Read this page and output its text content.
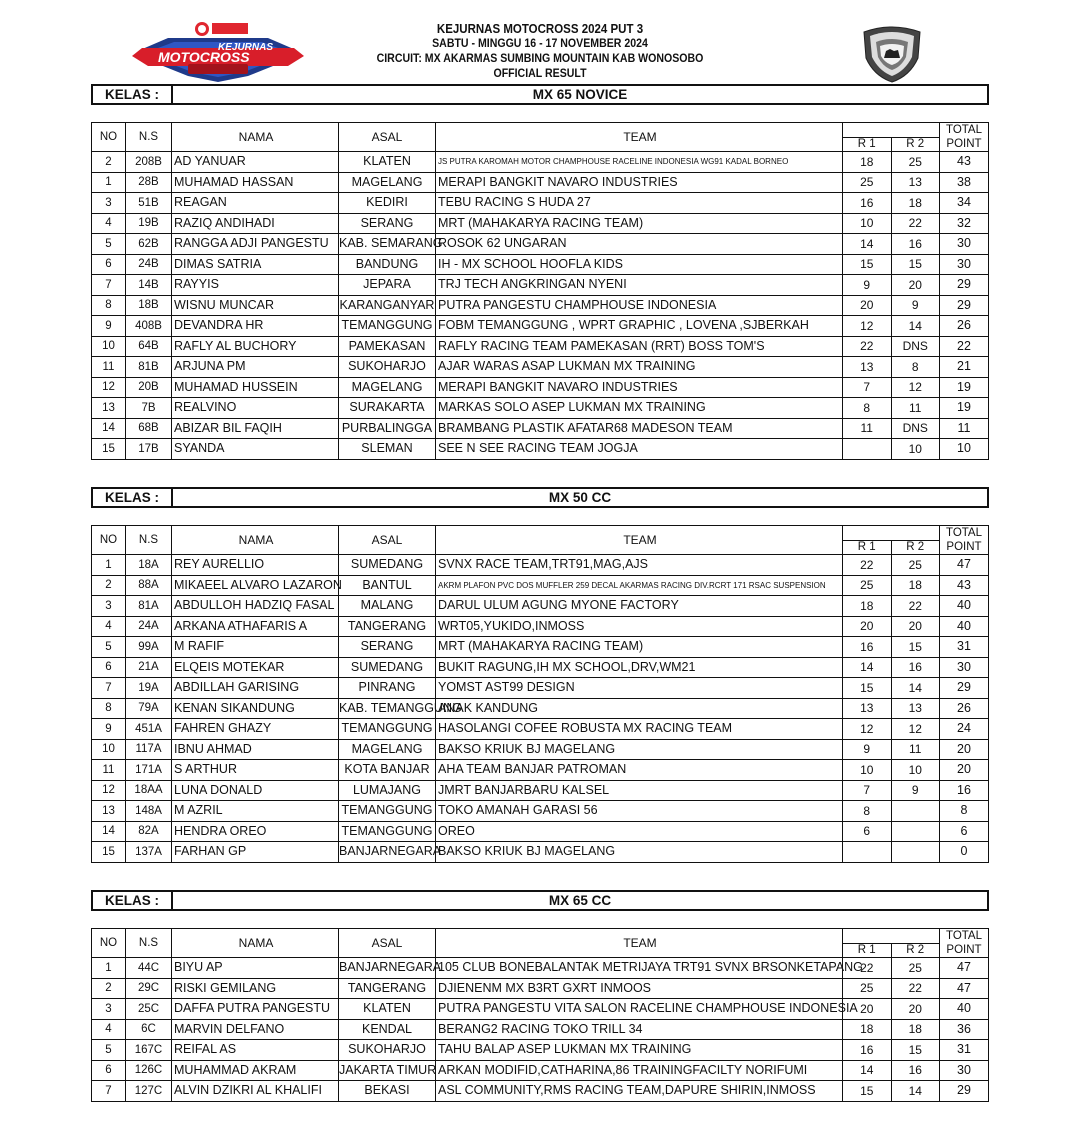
KEJURNAS
MOTOCROSS
KEJURNAS MOTOCROSS 2024 PUT 3
SABTU - MINGGU 16 - 17 NOVEMBER 2024
CIRCUIT: MX AKARMAS SUMBING MOUNTAIN KAB WONOSOBO
OFFICIAL RESULT
KELAS :	MX 65 NOVICE
NO	N.S	NAMA	ASAL	TEAM			TOTAL POINT
					R 1	R 2	
2	208B	AD YANUAR	KLATEN	JS PUTRA KAROMAH MOTOR CHAMPHOUSE RACELINE INDONESIA WG91 KADAL BORNEO	18	25	43
1	28B	MUHAMAD HASSAN	MAGELANG	MERAPI BANGKIT NAVARO INDUSTRIES	25	13	38
3	51B	REAGAN	KEDIRI	TEBU RACING S HUDA 27	16	18	34
4	19B	RAZIQ ANDIHADI	SERANG	MRT (MAHAKARYA RACING TEAM)	10	22	32
5	62B	RANGGA ADJI PANGESTU	KAB. SEMARANG	ROSOK 62 UNGARAN	14	16	30
6	24B	DIMAS SATRIA	BANDUNG	IH - MX SCHOOL HOOFLA KIDS	15	15	30
7	14B	RAYYIS	JEPARA	TRJ TECH ANGKRINGAN NYENI	9	20	29
8	18B	WISNU MUNCAR	KARANGANYAR	PUTRA PANGESTU CHAMPHOUSE INDONESIA	20	9	29
9	408B	DEVANDRA HR	TEMANGGUNG	FOBM TEMANGGUNG , WPRT GRAPHIC , LOVENA ,SJBERKAH	12	14	26
10	64B	RAFLY AL BUCHORY	PAMEKASAN	RAFLY RACING TEAM PAMEKASAN (RRT) BOSS TOM'S	22	DNS	22
11	81B	ARJUNA PM	SUKOHARJO	AJAR WARAS ASAP LUKMAN MX TRAINING	13	8	21
12	20B	MUHAMAD HUSSEIN	MAGELANG	MERAPI BANGKIT NAVARO INDUSTRIES	7	12	19
13	7B	REALVINO	SURAKARTA	MARKAS SOLO ASEP LUKMAN MX TRAINING	8	11	19
14	68B	ABIZAR BIL FAQIH	PURBALINGGA	BRAMBANG PLASTIK AFATAR68 MADESON TEAM	11	DNS	11
15	17B	SYANDA	SLEMAN	SEE N SEE RACING TEAM JOGJA		10	10
KELAS :	MX 50 CC
NO	N.S	NAMA	ASAL	TEAM			TOTAL POINT
					R 1	R 2	
1	18A	REY AURELLIO	SUMEDANG	SVNX RACE TEAM,TRT91,MAG,AJS	22	25	47
2	88A	MIKAEEL ALVARO LAZARON	BANTUL	AKRM PLAFON PVC DOS MUFFLER 259 DECAL AKARMAS RACING DIV.RCRT 171 RSAC SUSPENSION	25	18	43
3	81A	ABDULLOH HADZIQ FASAL	MALANG	DARUL ULUM AGUNG MYONE FACTORY	18	22	40
4	24A	ARKANA ATHAFARIS A	TANGERANG	WRT05,YUKIDO,INMOSS	20	20	40
5	99A	M RAFIF	SERANG	MRT (MAHAKARYA RACING TEAM)	16	15	31
6	21A	ELQEIS MOTEKAR	SUMEDANG	BUKIT RAGUNG,IH MX SCHOOL,DRV,WM21	14	16	30
7	19A	ABDILLAH GARISING	PINRANG	YOMST AST99 DESIGN	15	14	29
8	79A	KENAN SIKANDUNG	KAB. TEMANGGUNG	ANAK KANDUNG	13	13	26
9	451A	FAHREN GHAZY	TEMANGGUNG	HASOLANGI COFEE ROBUSTA MX RACING TEAM	12	12	24
10	117A	IBNU AHMAD	MAGELANG	BAKSO KRIUK BJ MAGELANG	9	11	20
11	171A	S ARTHUR	KOTA BANJAR	AHA TEAM BANJAR PATROMAN	10	10	20
12	18AA	LUNA DONALD	LUMAJANG	JMRT BANJARBARU KALSEL	7	9	16
13	148A	M AZRIL	TEMANGGUNG	TOKO AMANAH GARASI 56	8		8
14	82A	HENDRA OREO	TEMANGGUNG	OREO	6		6
15	137A	FARHAN GP	BANJARNEGARA	BAKSO KRIUK BJ MAGELANG			0
KELAS :	MX 65 CC
NO	N.S	NAMA	ASAL	TEAM			TOTAL POINT
					R 1	R 2	
1	44C	BIYU AP	BANJARNEGARA	105 CLUB BONEBALANTAK METRIJAYA TRT91 SVNX BRSONKETAPANG	22	25	47
2	29C	RISKI GEMILANG	TANGERANG	DJIENENM MX B3RT GXRT INMOOS	25	22	47
3	25C	DAFFA PUTRA PANGESTU	KLATEN	PUTRA PANGESTU VITA SALON RACELINE CHAMPHOUSE INDONESIA	20	20	40
4	6C	MARVIN DELFANO	KENDAL	BERANG2 RACING TOKO TRILL 34	18	18	36
5	167C	REIFAL AS	SUKOHARJO	TAHU BALAP ASEP LUKMAN MX TRAINING	16	15	31
6	126C	MUHAMMAD AKRAM	JAKARTA TIMUR	ARKAN MODIFID,CATHARINA,86 TRAININGFACILTY NORIFUMI	14	16	30
7	127C	ALVIN DZIKRI AL KHALIFI	BEKASI	ASL COMMUNITY,RMS RACING TEAM,DAPURE SHIRIN,INMOSS	15	14	29
